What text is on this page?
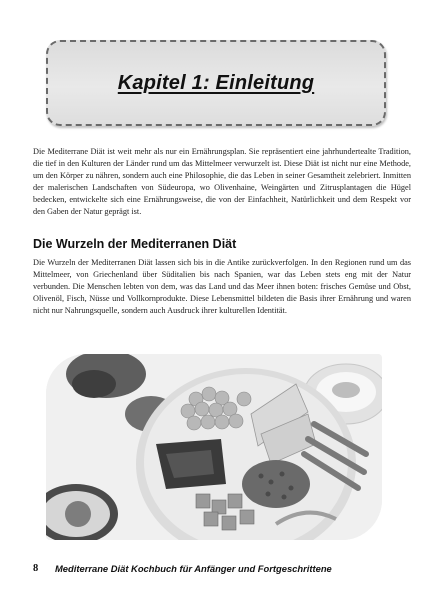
Kapitel 1: Einleitung

Die Mediterrane Diät ist weit mehr als nur ein Ernährungsplan. Sie repräsentiert eine jahrhundertealte Tradition, die tief in den Kulturen der Länder rund um das Mittelmeer verwurzelt ist. Diese Diät ist nicht nur eine Methode, um den Körper zu nähren, sondern auch eine Philosophie, die das Leben in seiner Gesamtheit zelebriert. Inmitten der malerischen Landschaften von Südeuropa, wo Olivenhaine, Weingärten und Zitrusplantagen die Hügel bedecken, entwickelte sich eine Ernährungsweise, die von der Einfachheit, Natürlichkeit und dem Respekt vor den Gaben der Natur geprägt ist.

Die Wurzeln der Mediterranen Diät

Die Wurzeln der Mediterranen Diät lassen sich bis in die Antike zurückverfolgen. In den Regionen rund um das Mittelmeer, von Griechenland über Süditalien bis nach Spanien, war das Leben stets eng mit der Natur verbunden. Die Menschen lebten von dem, was das Land und das Meer ihnen boten: frisches Gemüse und Obst, Olivenöl, Fisch, Nüsse und Vollkornprodukte. Diese Lebensmittel bildeten die Basis ihrer Ernährung und waren nicht nur Nahrungsquelle, sondern auch Ausdruck ihrer kulturellen Identität.

8	Mediterrane Diät Kochbuch für Anfänger und Fortgeschrittene
